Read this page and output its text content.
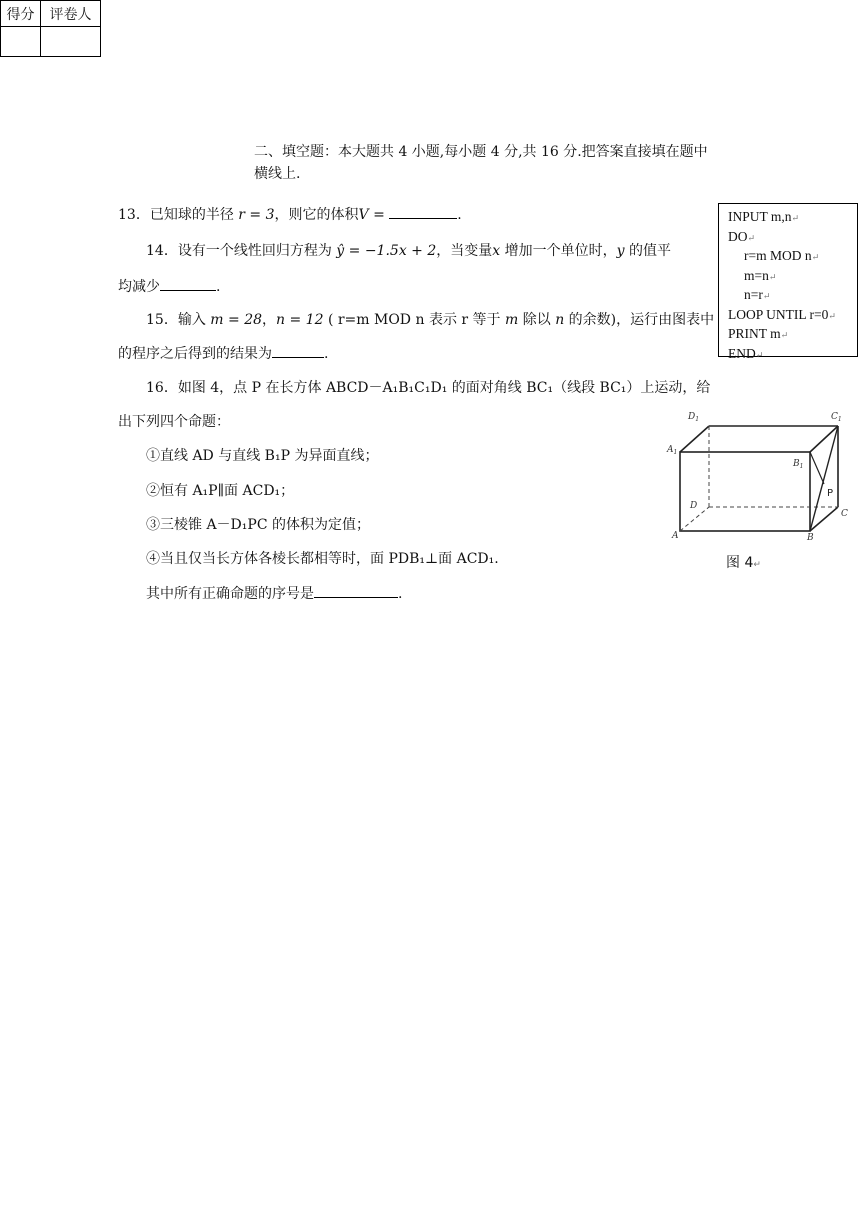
得分	评卷人

二、填空题：本大题共 4 小题,每小题 4 分,共 16 分.把答案直接填在题中
横线上.
13．已知球的半径 r = 3，则它的体积V =	.
14．设有一个线性回归方程为 ŷ = −1.5x + 2，当变量x 增加一个单位时，y 的值平
均减少	.
15．输入 m = 28，n = 12 ( r=m MOD n 表示 r 等于 m 除以 n 的余数)，运行由图表中
的程序之后得到的结果为	.
INPUT m,n↵
DO↵
r=m MOD n↵
m=n↵
n=r↵
LOOP UNTIL r=0↵
PRINT m↵
END↵
16．如图 4，点 P 在长方体 ABCD－A₁B₁C₁D₁ 的面对角线 BC₁（线段 BC₁）上运动，给
出下列四个命题：
①直线 AD 与直线 B₁P 为异面直线；
②恒有 A₁P∥面 ACD₁；
③三棱锥 A－D₁PC 的体积为定值；
④当且仅当长方体各棱长都相等时，面 PDB₁⊥面 ACD₁.
其中所有正确命题的序号是	.
$D_1$	$C_1$
$A_1$
$B_1$
D
A	B
C
P
图 4↵
